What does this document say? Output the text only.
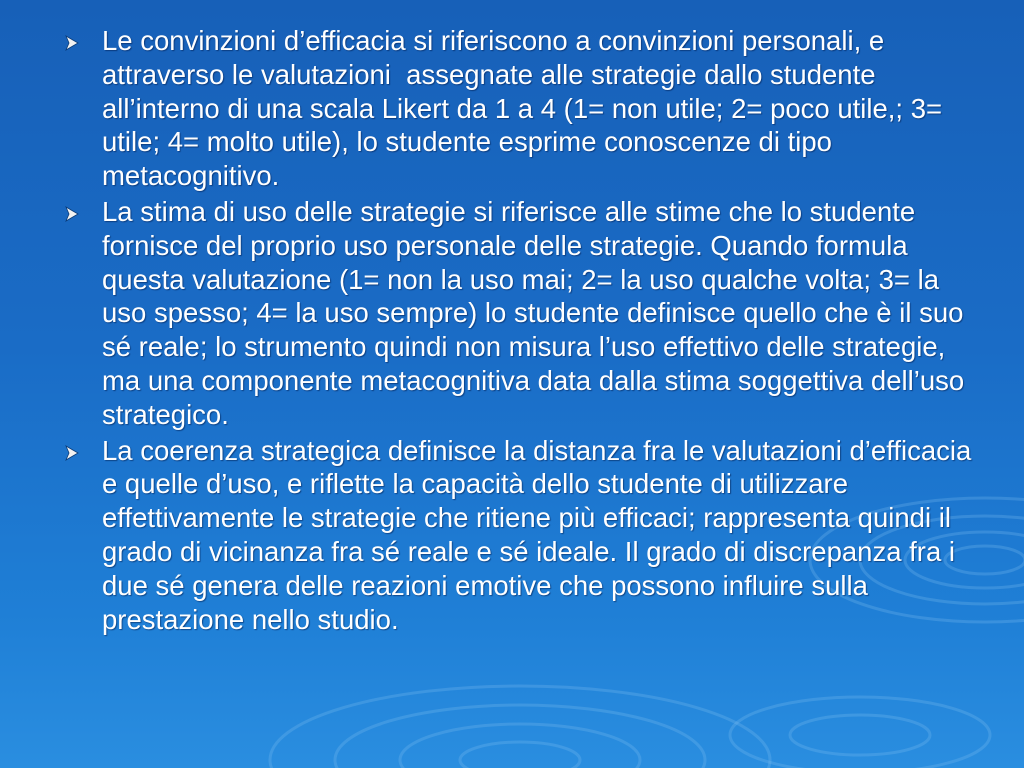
Le convinzioni d’efficacia si riferiscono a convinzioni personali, e attraverso le valutazioni  assegnate alle strategie dallo studente all’interno di una scala Likert da 1 a 4 (1= non utile; 2= poco utile,; 3= utile; 4= molto utile), lo studente esprime conoscenze di tipo metacognitivo.
La stima di uso delle strategie si riferisce alle stime che lo studente fornisce del proprio uso personale delle strategie. Quando formula questa valutazione (1= non la uso mai; 2= la uso qualche volta; 3= la uso spesso; 4= la uso sempre) lo studente definisce quello che è il suo sé reale; lo strumento quindi non misura l’uso effettivo delle strategie, ma una componente metacognitiva data dalla stima soggettiva dell’uso strategico.
La coerenza strategica definisce la distanza fra le valutazioni d’efficacia e quelle d’uso, e riflette la capacità dello studente di utilizzare effettivamente le strategie che ritiene più efficaci; rappresenta quindi il grado di vicinanza fra sé reale e sé ideale. Il grado di discrepanza fra i due sé genera delle reazioni emotive che possono influire sulla prestazione nello studio.
